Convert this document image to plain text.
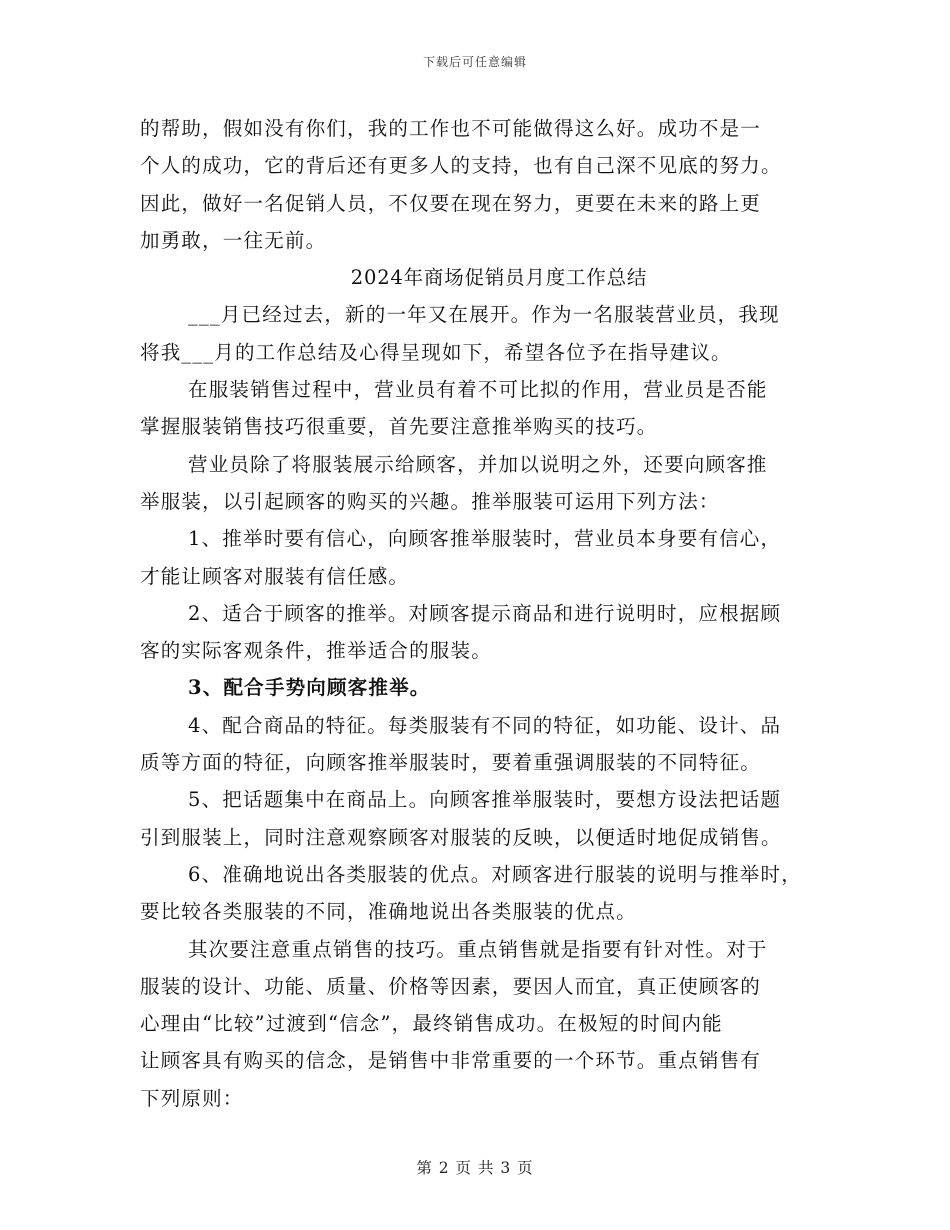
下载后可任意编辑
的帮助，假如没有你们，我的工作也不可能做得这么好。成功不是一
个人的成功，它的背后还有更多人的支持，也有自己深不见底的努力。
因此，做好一名促销人员，不仅要在现在努力，更要在未来的路上更
加勇敢，一往无前。
2024年商场促销员月度工作总结
___月已经过去，新的一年又在展开。作为一名服装营业员，我现
将我___月的工作总结及心得呈现如下，希望各位予在指导建议。
在服装销售过程中，营业员有着不可比拟的作用，营业员是否能
掌握服装销售技巧很重要，首先要注意推举购买的技巧。
营业员除了将服装展示给顾客，并加以说明之外，还要向顾客推
举服装，以引起顾客的购买的兴趣。推举服装可运用下列方法：
1、推举时要有信心，向顾客推举服装时，营业员本身要有信心，
才能让顾客对服装有信任感。
2、适合于顾客的推举。对顾客提示商品和进行说明时，应根据顾
客的实际客观条件，推举适合的服装。
3、配合手势向顾客推举。
4、配合商品的特征。每类服装有不同的特征，如功能、设计、品
质等方面的特征，向顾客推举服装时，要着重强调服装的不同特征。
5、把话题集中在商品上。向顾客推举服装时，要想方设法把话题
引到服装上，同时注意观察顾客对服装的反映，以便适时地促成销售。
6、准确地说出各类服装的优点。对顾客进行服装的说明与推举时，
要比较各类服装的不同，准确地说出各类服装的优点。
其次要注意重点销售的技巧。重点销售就是指要有针对性。对于
服装的设计、功能、质量、价格等因素，要因人而宜，真正使顾客的
心理由“比较”过渡到“信念”，最终销售成功。在极短的时间内能
让顾客具有购买的信念，是销售中非常重要的一个环节。重点销售有
下列原则：
第 2 页 共 3 页
